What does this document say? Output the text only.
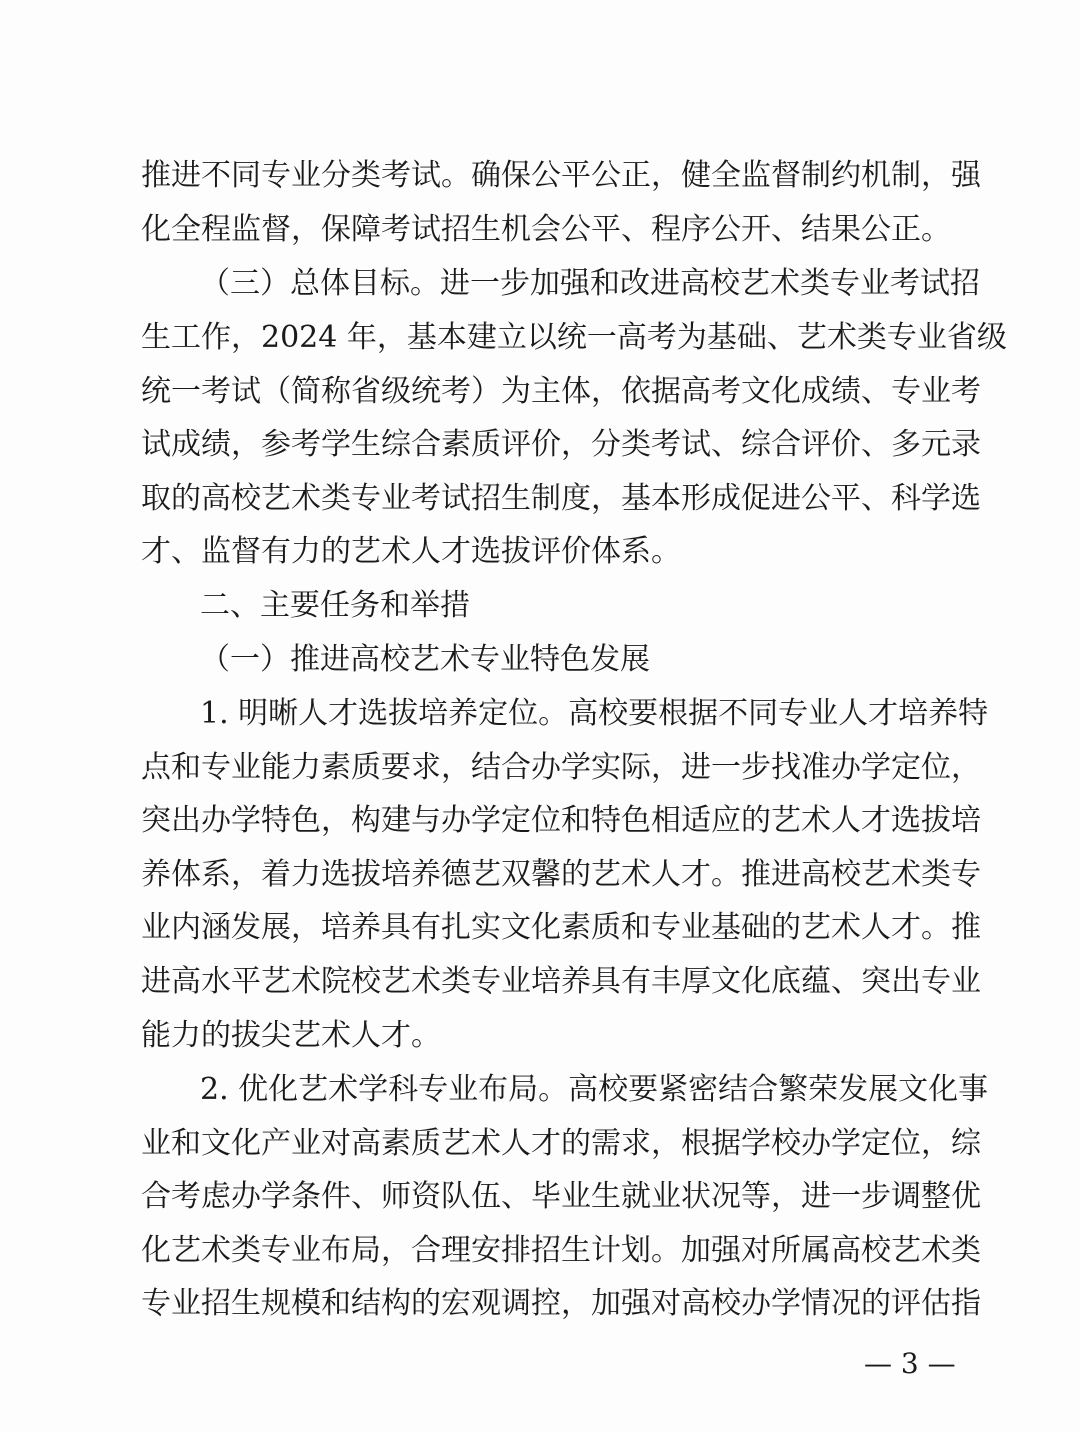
推进不同专业分类考试。确保公平公正，健全监督制约机制，强
化全程监督，保障考试招生机会公平、程序公开、结果公正。
（三）总体目标。进一步加强和改进高校艺术类专业考试招
生工作，2024 年，基本建立以统一高考为基础、艺术类专业省级
统一考试（简称省级统考）为主体，依据高考文化成绩、专业考
试成绩，参考学生综合素质评价，分类考试、综合评价、多元录
取的高校艺术类专业考试招生制度，基本形成促进公平、科学选
才、监督有力的艺术人才选拔评价体系。
二、主要任务和举措
（一）推进高校艺术专业特色发展
1. 明晰人才选拔培养定位。高校要根据不同专业人才培养特
点和专业能力素质要求，结合办学实际，进一步找准办学定位，
突出办学特色，构建与办学定位和特色相适应的艺术人才选拔培
养体系，着力选拔培养德艺双馨的艺术人才。推进高校艺术类专
业内涵发展，培养具有扎实文化素质和专业基础的艺术人才。推
进高水平艺术院校艺术类专业培养具有丰厚文化底蕴、突出专业
能力的拔尖艺术人才。
2. 优化艺术学科专业布局。高校要紧密结合繁荣发展文化事
业和文化产业对高素质艺术人才的需求，根据学校办学定位，综
合考虑办学条件、师资队伍、毕业生就业状况等，进一步调整优
化艺术类专业布局，合理安排招生计划。加强对所属高校艺术类
专业招生规模和结构的宏观调控，加强对高校办学情况的评估指
— 3 —
